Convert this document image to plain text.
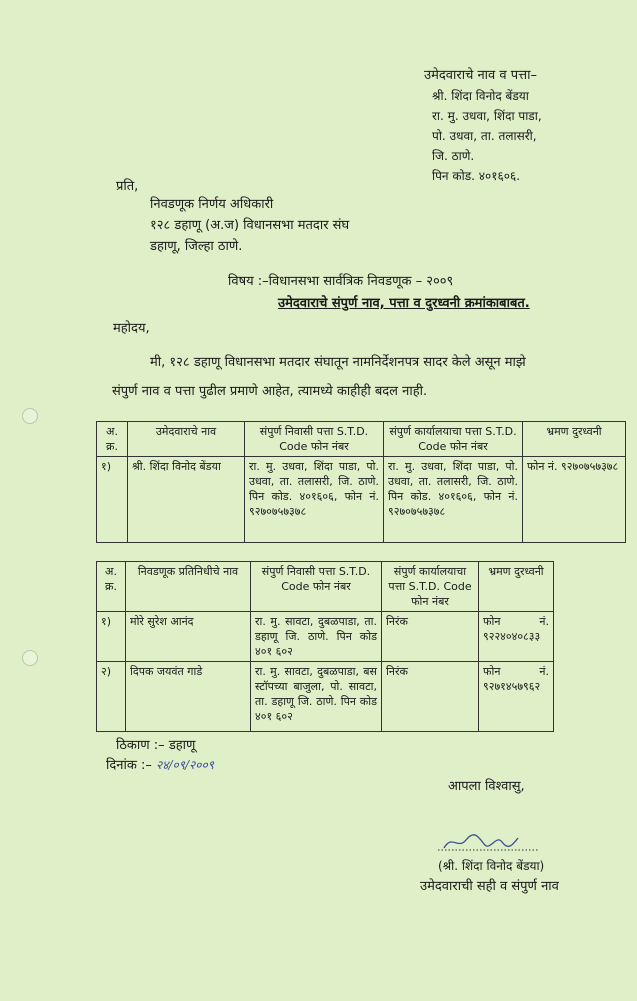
उमेदवाराचे नाव व पत्ता–
श्री. शिंदा विनोद बेंडया
रा. मु. उधवा, शिंदा पाडा,
पो. उधवा, ता. तलासरी,
जि. ठाणे.
पिन कोड. ४०१६०६.
प्रति,
निवडणूक निर्णय अधिकारी
१२८ डहाणू (अ.ज) विधानसभा मतदार संघ
डहाणू, जिल्हा ठाणे.
विषय :–विधानसभा सार्वत्रिक निवडणूक – २००९
उमेदवाराचे संपुर्ण नाव, पत्ता व दुरध्वनी क्रमांकाबाबत.
महोदय,
मी, १२८ डहाणू विधानसभा मतदार संघातून नामनिर्देशनपत्र सादर केले असून माझे
संपुर्ण नाव व पत्ता पुढील प्रमाणे आहेत, त्यामध्ये काहीही बदल नाही.
अ. क्र.	उमेदवाराचे नाव	संपुर्ण निवासी पत्ता S.T.D. Code फोन नंबर	संपुर्ण कार्यालयाचा पत्ता S.T.D. Code फोन नंबर	भ्रमण दुरध्वनी
१)	श्री. शिंदा विनोद बेंडया	रा. मु. उधवा, शिंदा पाडा, पो. उधवा, ता. तलासरी, जि. ठाणे. पिन कोड. ४०१६०६, फोन नं. ९२७०७५७३७८	रा. मु. उधवा, शिंदा पाडा, पो. उधवा, ता. तलासरी, जि. ठाणे. पिन कोड. ४०१६०६, फोन नं. ९२७०७५७३७८	फोन नं. ९२७०७५७३७८
अ. क्र.	निवडणूक प्रतिनिधीचे नाव	संपुर्ण निवासी पत्ता S.T.D. Code फोन नंबर	संपुर्ण कार्यालयाचा पत्ता S.T.D. Code फोन नंबर	भ्रमण दुरध्वनी
१)	मोरे सुरेश आनंद	रा. मु. सावटा, दुबळपाडा, ता. डहाणू जि. ठाणे. पिन कोड ४०१ ६०२	निरंक	फोन नं. ९२२४०४०८३३
२)	दिपक जयवंत गाडे	रा. मु. सावटा, दुबळपाडा, बस स्टॉपच्या बाजुला, पो. सावटा, ता. डहाणू जि. ठाणे. पिन कोड ४०१ ६०२	निरंक	फोन नं. ९२७१४५७९६२
ठिकाण :– डहाणू
दिनांक :– २४/०९/२००९
आपला विश्वासु,
(श्री. शिंदा विनोद बेंडया)
उमेदवाराची सही व संपुर्ण नाव
